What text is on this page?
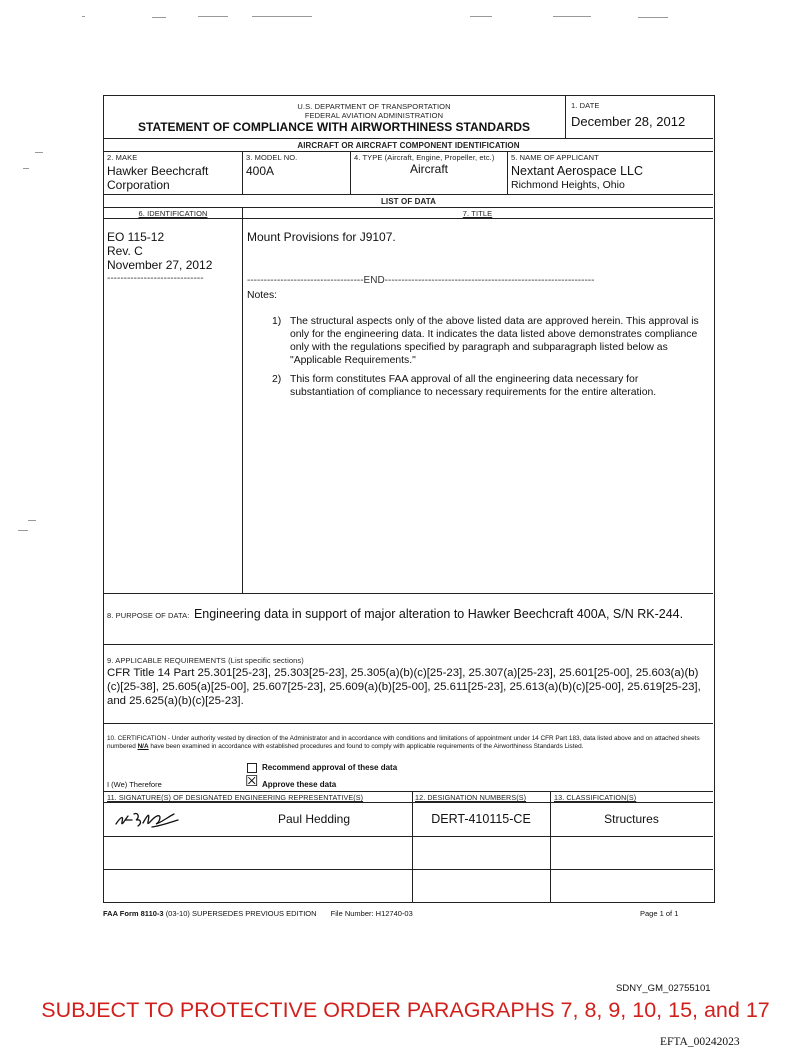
U.S. DEPARTMENT OF TRANSPORTATION
FEDERAL AVIATION ADMINISTRATION
STATEMENT OF COMPLIANCE WITH AIRWORTHINESS STANDARDS
1. DATE
December 28, 2012
AIRCRAFT OR AIRCRAFT COMPONENT IDENTIFICATION
2. MAKE
Hawker Beechcraft
Corporation
3. MODEL NO.
400A
4. TYPE (Aircraft, Engine, Propeller, etc.)
Aircraft
5. NAME OF APPLICANT
Nextant Aerospace LLC
Richmond Heights, Ohio
LIST OF DATA
6. IDENTIFICATION	7. TITLE
EO 115-12
Rev. C
November 27, 2012
-----------------------------
Mount Provisions for J9107.
-----------------------------------END---------------------------------------------------------------
Notes:
1) The structural aspects only of the above listed data are approved herein. This approval is only for the engineering data. It indicates the data listed above demonstrates compliance only with the regulations specified by paragraph and subparagraph listed below as "Applicable Requirements."
2) This form constitutes FAA approval of all the engineering data necessary for substantiation of compliance to necessary requirements for the entire alteration.
8. PURPOSE OF DATA: Engineering data in support of major alteration to Hawker Beechcraft 400A, S/N RK-244.
9. APPLICABLE REQUIREMENTS (List specific sections)
CFR Title 14 Part 25.301[25-23], 25.303[25-23], 25.305(a)(b)(c)[25-23], 25.307(a)[25-23], 25.601[25-00], 25.603(a)(b)(c)[25-38], 25.605(a)[25-00], 25.607[25-23], 25.609(a)(b)[25-00], 25.611[25-23], 25.613(a)(b)(c)[25-00], 25.619[25-23], and 25.625(a)(b)(c)[25-23].
10. CERTIFICATION - Under authority vested by direction of the Administrator and in accordance with conditions and limitations of appointment under 14 CFR Part 183, data listed above and on attached sheets numbered N/A have been examined in accordance with established procedures and found to comply with applicable requirements of the Airworthiness Standards Listed.
Recommend approval of these data
I (We) Therefore	☒ Approve these data
11. SIGNATURE(S) OF DESIGNATED ENGINEERING REPRESENTATIVE(S)	12. DESIGNATION NUMBERS(S)	13. CLASSIFICATION(S)
Paul Hedding	DERT-410115-CE	Structures
FAA Form 8110-3 (03-10) SUPERSEDES PREVIOUS EDITION File Number: H12740-03	Page 1 of 1
SDNY_GM_02755101
SUBJECT TO PROTECTIVE ORDER PARAGRAPHS 7, 8, 9, 10, 15, and 17
EFTA_00242023
